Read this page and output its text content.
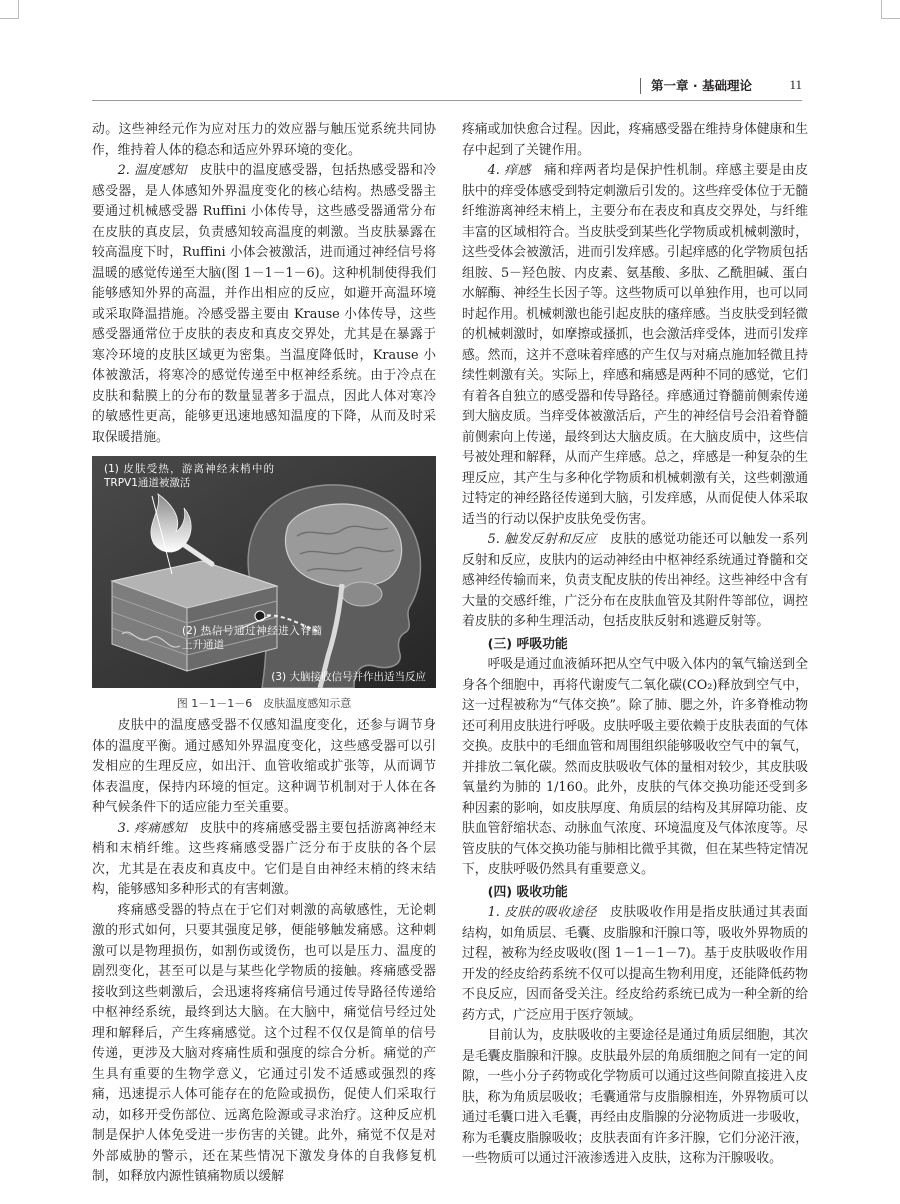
第一章 · 基础理论	11

动。这些神经元作为应对压力的效应器与触压觉系统共同协作，维持着人体的稳态和适应外界环境的变化。

2. 温度感知　 皮肤中的温度感受器，包括热感受器和冷感受器，是人体感知外界温度变化的核心结构。热感受器主要通过机械感受器 Ruffini 小体传导，这些感受器通常分布在皮肤的真皮层，负责感知较高温度的刺激。当皮肤暴露在较高温度下时，Ruffini 小体会被激活，进而通过神经信号将温暖的感觉传递至大脑(图 1－1－1－6)。这种机制使得我们能够感知外界的高温，并作出相应的反应，如避开高温环境或采取降温措施。冷感受器主要由 Krause 小体传导，这些感受器通常位于皮肤的表皮和真皮交界处，尤其是在暴露于寒冷环境的皮肤区域更为密集。当温度降低时，Krause 小体被激活，将寒冷的感觉传递至中枢神经系统。由于冷点在皮肤和黏膜上的分布的数量显著多于温点，因此人体对寒冷的敏感性更高，能够更迅速地感知温度的下降，从而及时采取保暖措施。

(1) 皮肤受热，游离神经末梢中的TRPV1通道被激活
(2) 热信号通过神经进入脊髓上升通道
(3) 大脑接收信号并作出适当反应
图 1－1－1－6　皮肤温度感知示意

皮肤中的温度感受器不仅感知温度变化，还参与调节身体的温度平衡。通过感知外界温度变化，这些感受器可以引发相应的生理反应，如出汗、血管收缩或扩张等，从而调节体表温度，保持内环境的恒定。这种调节机制对于人体在各种气候条件下的适应能力至关重要。

3. 疼痛感知　 皮肤中的疼痛感受器主要包括游离神经末梢和末梢纤维。这些疼痛感受器广泛分布于皮肤的各个层次，尤其是在表皮和真皮中。它们是自由神经末梢的终末结构，能够感知多种形式的有害刺激。

疼痛感受器的特点在于它们对刺激的高敏感性，无论刺激的形式如何，只要其强度足够，便能够触发痛感。这种刺激可以是物理损伤，如割伤或烫伤，也可以是压力、温度的剧烈变化，甚至可以是与某些化学物质的接触。疼痛感受器接收到这些刺激后，会迅速将疼痛信号通过传导路径传递给中枢神经系统，最终到达大脑。在大脑中，痛觉信号经过处理和解释后，产生疼痛感觉。这个过程不仅仅是简单的信号传递，更涉及大脑对疼痛性质和强度的综合分析。痛觉的产生具有重要的生物学意义，它通过引发不适感或强烈的疼痛，迅速提示人体可能存在的危险或损伤，促使人们采取行动，如移开受伤部位、远离危险源或寻求治疗。这种反应机制是保护人体免受进一步伤害的关键。此外，痛觉不仅是对外部威胁的警示，还在某些情况下激发身体的自我修复机制，如释放内源性镇痛物质以缓解

疼痛或加快愈合过程。因此，疼痛感受器在维持身体健康和生存中起到了关键作用。

4. 痒感　 痛和痒两者均是保护性机制。痒感主要是由皮肤中的痒受体感受到特定刺激后引发的。这些痒受体位于无髓纤维游离神经末梢上，主要分布在表皮和真皮交界处，与纤维丰富的区域相符合。当皮肤受到某些化学物质或机械刺激时，这些受体会被激活，进而引发痒感。引起痒感的化学物质包括组胺、5－羟色胺、内皮素、氨基酸、多肽、乙酰胆碱、蛋白水解酶、神经生长因子等。这些物质可以单独作用，也可以同时起作用。机械刺激也能引起皮肤的瘙痒感。当皮肤受到轻微的机械刺激时，如摩擦或搔抓，也会激活痒受体，进而引发痒感。然而，这并不意味着痒感的产生仅与对痛点施加轻微且持续性刺激有关。实际上，痒感和痛感是两种不同的感觉，它们有着各自独立的感受器和传导路径。痒感通过脊髓前侧索传递到大脑皮质。当痒受体被激活后，产生的神经信号会沿着脊髓前侧索向上传递，最终到达大脑皮质。在大脑皮质中，这些信号被处理和解释，从而产生痒感。总之，痒感是一种复杂的生理反应，其产生与多种化学物质和机械刺激有关，这些刺激通过特定的神经路径传递到大脑，引发痒感，从而促使人体采取适当的行动以保护皮肤免受伤害。

5. 触发反射和反应　 皮肤的感觉功能还可以触发一系列反射和反应，皮肤内的运动神经由中枢神经系统通过脊髓和交感神经传输而来，负责支配皮肤的传出神经。这些神经中含有大量的交感纤维，广泛分布在皮肤血管及其附件等部位，调控着皮肤的多种生理活动，包括皮肤反射和逃避反射等。

(三) 呼吸功能

呼吸是通过血液循环把从空气中吸入体内的氧气输送到全身各个细胞中，再将代谢废气二氧化碳(CO₂)释放到空气中，这一过程被称为“气体交换”。除了肺、腮之外，许多脊椎动物还可利用皮肤进行呼吸。皮肤呼吸主要依赖于皮肤表面的气体交换。皮肤中的毛细血管和周围组织能够吸收空气中的氧气，并排放二氧化碳。然而皮肤吸收气体的量相对较少，其皮肤吸氧量约为肺的 1/160。此外，皮肤的气体交换功能还受到多种因素的影响，如皮肤厚度、角质层的结构及其屏障功能、皮肤血管舒缩状态、动脉血气浓度、环境温度及气体浓度等。尽管皮肤的气体交换功能与肺相比微乎其微，但在某些特定情况下，皮肤呼吸仍然具有重要意义。

(四) 吸收功能

1. 皮肤的吸收途径　 皮肤吸收作用是指皮肤通过其表面结构，如角质层、毛囊、皮脂腺和汗腺口等，吸收外界物质的过程，被称为经皮吸收(图 1－1－1－7)。基于皮肤吸收作用开发的经皮给药系统不仅可以提高生物利用度，还能降低药物不良反应，因而备受关注。经皮给药系统已成为一种全新的给药方式，广泛应用于医疗领域。

目前认为，皮肤吸收的主要途径是通过角质层细胞，其次是毛囊皮脂腺和汗腺。皮肤最外层的角质细胞之间有一定的间隙，一些小分子药物或化学物质可以通过这些间隙直接进入皮肤，称为角质层吸收；毛囊通常与皮脂腺相连，外界物质可以通过毛囊口进入毛囊，再经由皮脂腺的分泌物质进一步吸收，称为毛囊皮脂腺吸收；皮肤表面有许多汗腺，它们分泌汗液，一些物质可以通过汗液渗透进入皮肤，这称为汗腺吸收。
